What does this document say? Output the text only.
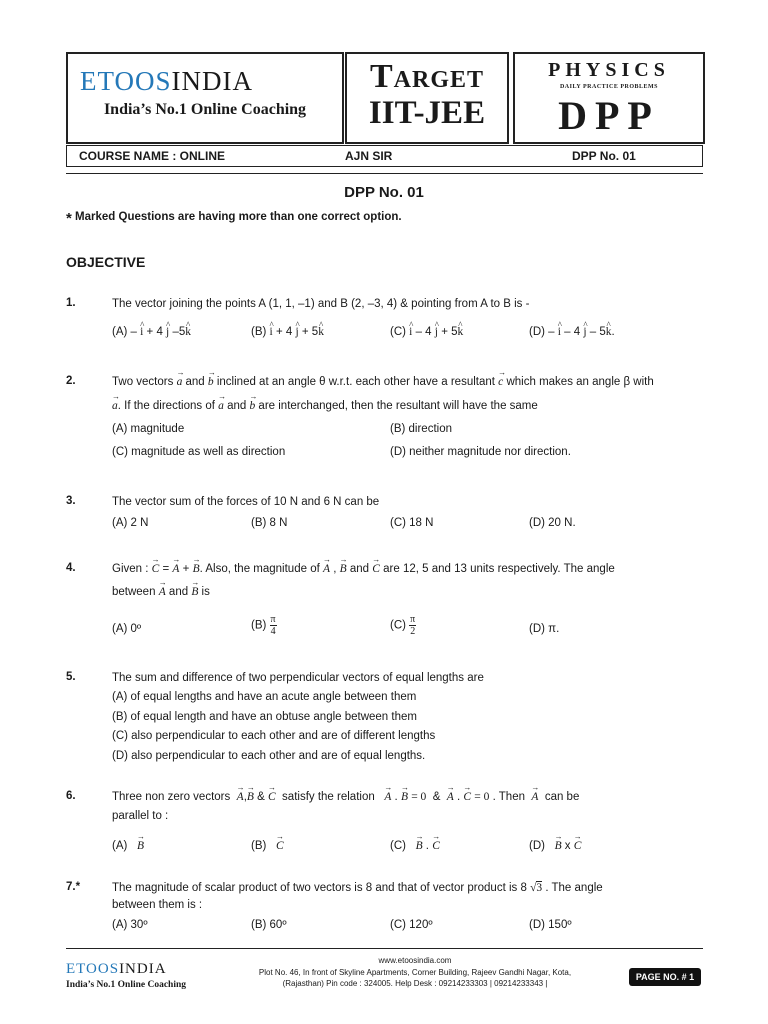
ETOOSINDIA
India’s No.1 Online Coaching
TARGET
IIT-JEE
PHYSICS
DAILY PRACTICE PROBLEMS
DPP
COURSE NAME : ONLINE	AJN SIR	DPP No. 01
DPP No. 01
* Marked Questions are having more than one correct option.
OBJECTIVE
1.	The vector joining the points A (1, 1, –1) and B (2, –3, 4) & pointing from A to B is -
(A) – ^ i + 4 ^ j –5^ k	(B) ^ i + 4 ^ j + 5^ k	(C) ^ i – 4 ^ j + 5^ k	(D) – ^ i – 4 ^ j – 5^ k.
2.	Two vectors → a and → b inclined at an angle θ w.r.t. each other have a resultant → c which makes an angle β with
→ a. If the directions of → a and → b are interchanged, then the resultant will have the same
(A) magnitude	(B) direction
(C) magnitude as well as direction	(D) neither magnitude nor direction.
3.	The vector sum of the forces of 10 N and 6 N can be
(A) 2 N	(B) 8 N	(C) 18 N	(D) 20 N.
4.	Given : → C = → A + → B. Also, the magnitude of → A , → B and → C are 12, 5 and 13 units respectively. The angle
between → A and → B is
(A) 0º	$(B) \frac{\pi}{4}$	$(C) \frac{\pi}{2}$	(D) π.
5.	The sum and difference of two perpendicular vectors of equal lengths are
(A) of equal lengths and have an acute angle between them
(B) of equal length and have an obtuse angle between them
(C) also perpendicular to each other and are of different lengths
(D) also perpendicular to each other and are of equal lengths.
6.	Three non zero vectors → A,→ B & → C satisfy the relation → A . → B = 0  &  → A . → C = 0 . Then → A can be
parallel to :
(A) → B	(B) → C	(C) → B . → C	(D) → B x → C
7.*	The magnitude of scalar product of two vectors is 8 and that of vector product is 8 √3 . The angle
between them is :
(A) 30º	(B) 60º	(C) 120º	(D) 150º
ETOOSINDIA
India’s No.1 Online Coaching
www.etoosindia.com
Plot No. 46, In front of Skyline Apartments, Corner Building, Rajeev Gandhi Nagar, Kota,
(Rajasthan) Pin code : 324005. Help Desk : 09214233303 | 09214233343 |
PAGE NO. # 1
